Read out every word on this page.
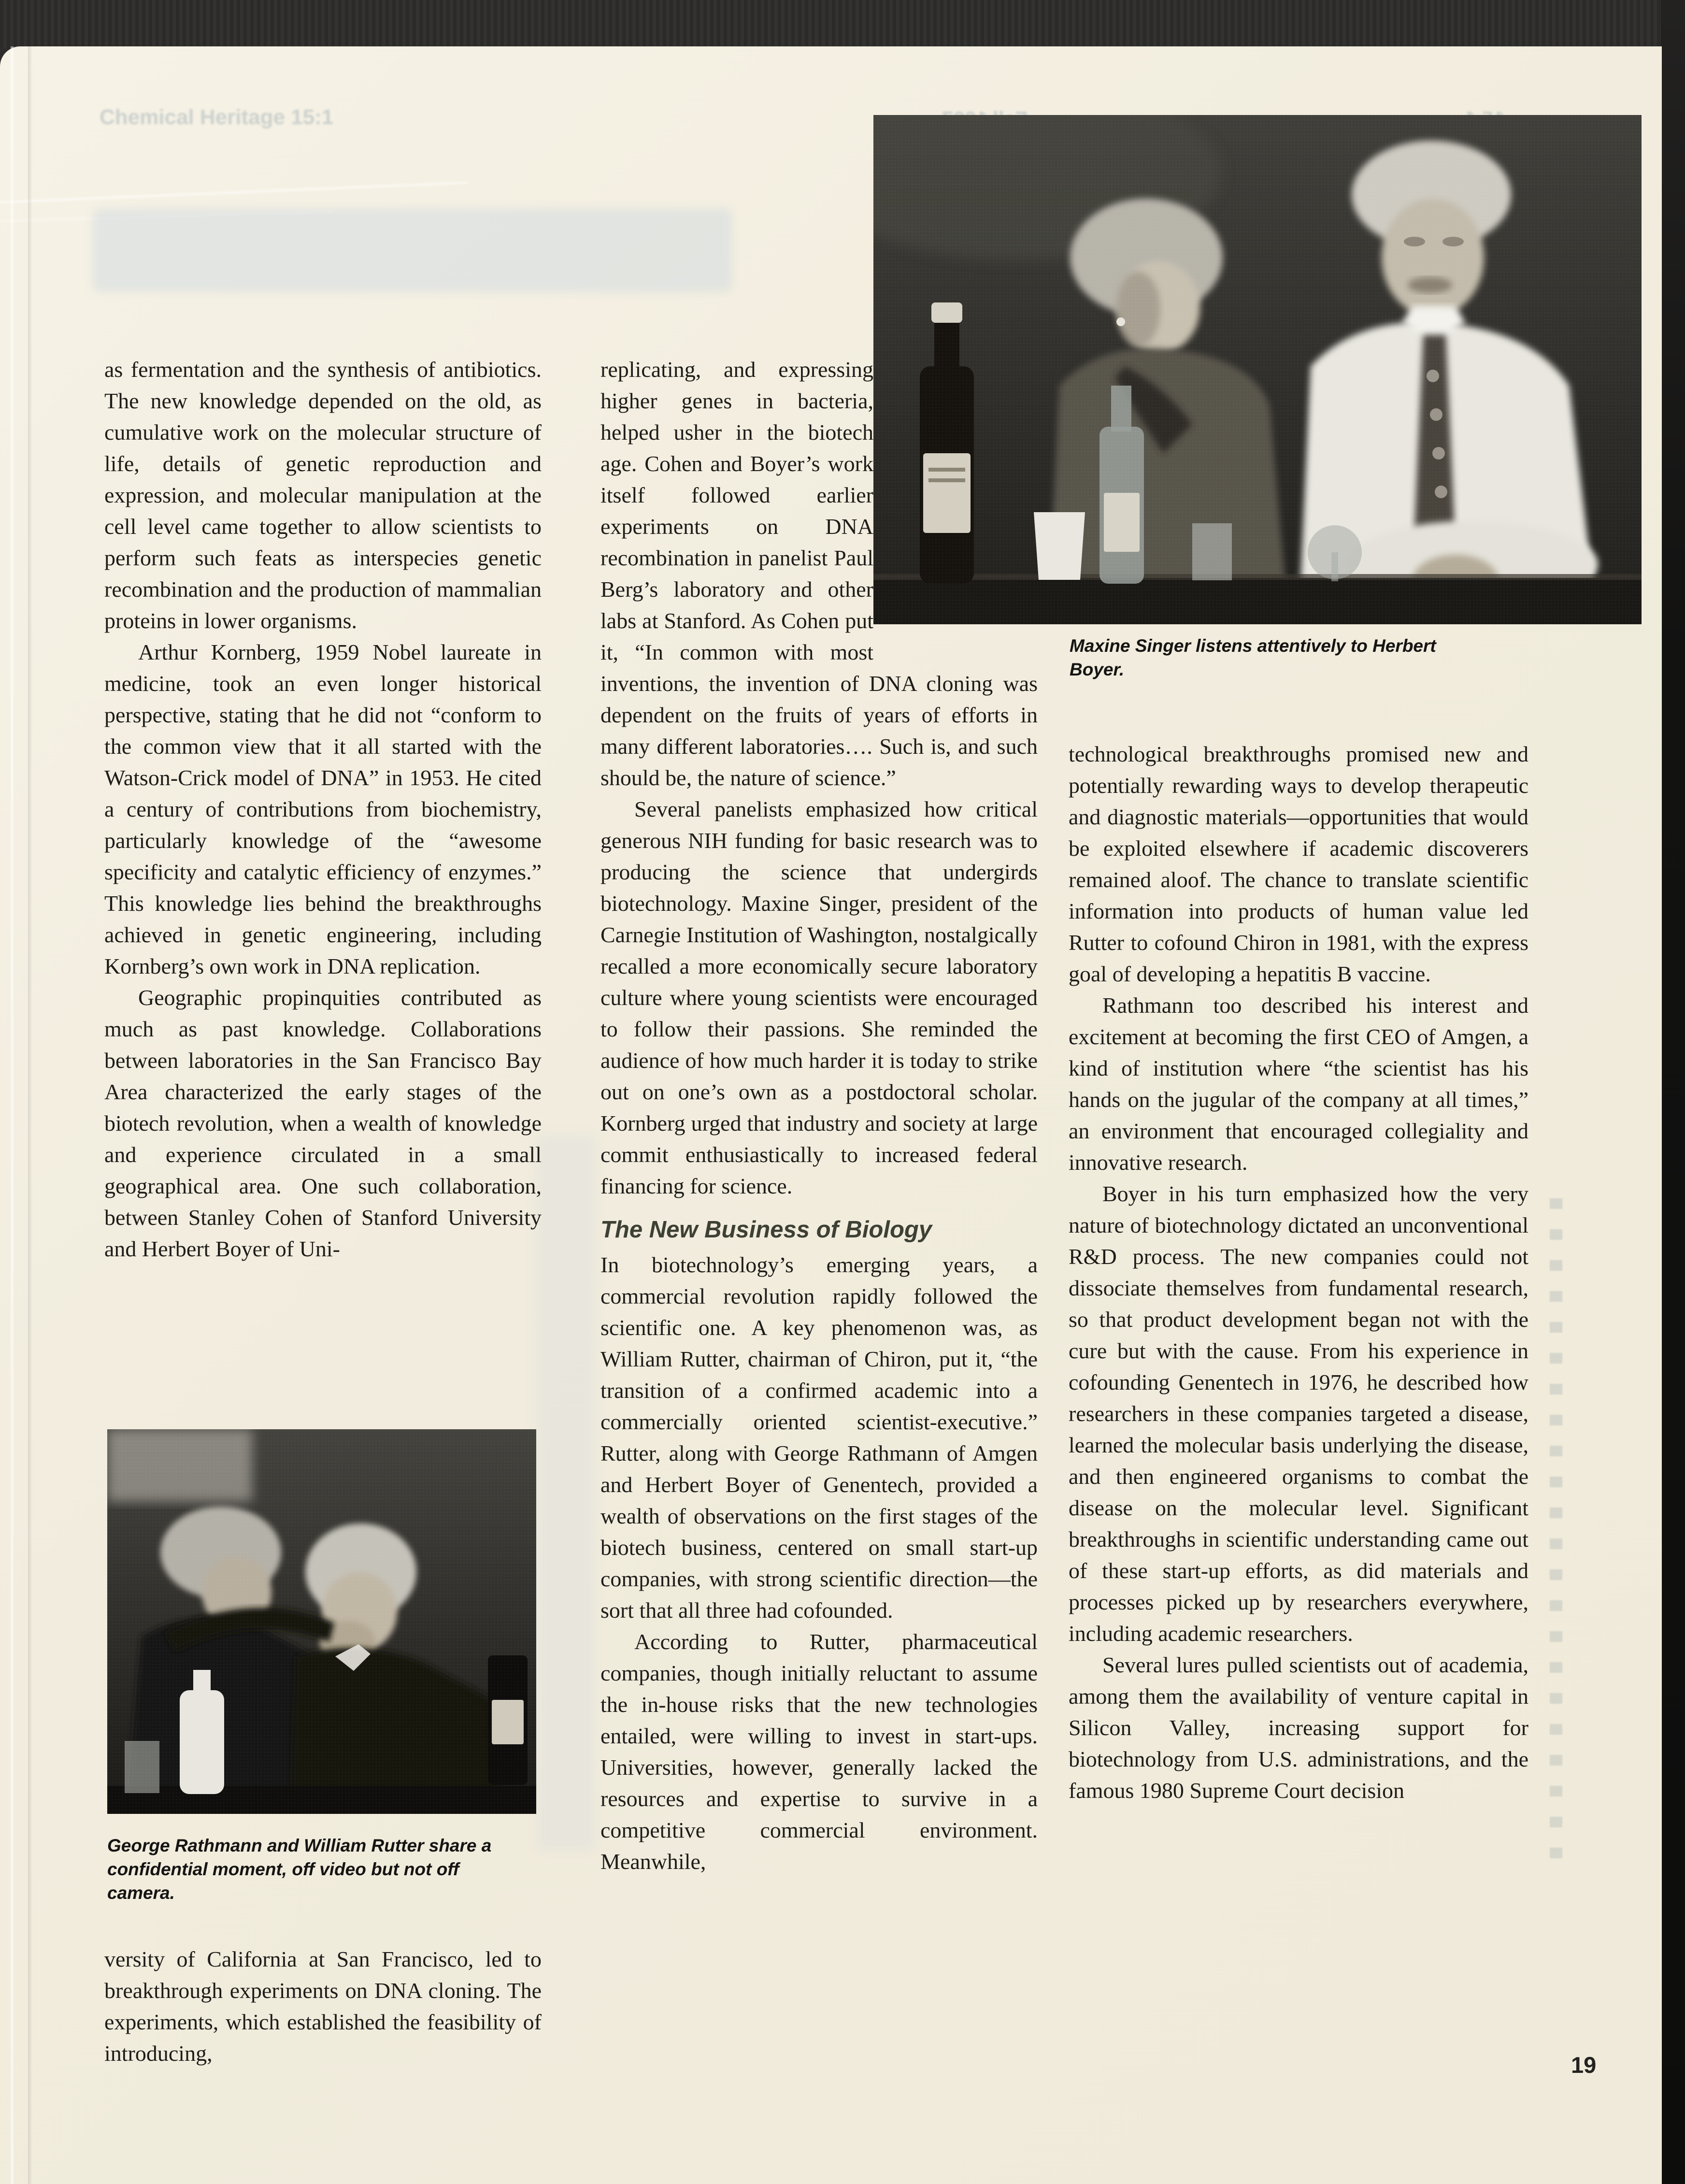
Chemical Heritage 15:1
Maxine Singer listens attentively to Herbert Boyer.
George Rathmann and William Rutter share a confidential moment, off video but not off camera.

as fermentation and the synthesis of antibiotics. The new knowledge depended on the old, as cumulative work on the molecular structure of life, details of genetic reproduction and expression, and molecular manipulation at the cell level came together to allow scientists to perform such feats as interspecies genetic recombination and the production of mammalian proteins in lower organisms.

Arthur Kornberg, 1959 Nobel laureate in medicine, took an even longer historical perspective, stating that he did not “conform to the common view that it all started with the Watson-Crick model of DNA” in 1953. He cited a century of contributions from biochemistry, particularly knowledge of the “awesome specificity and catalytic efficiency of enzymes.” This knowledge lies behind the breakthroughs achieved in genetic engineering, including Kornberg’s own work in DNA replication.

Geographic propinquities contributed as much as past knowledge. Collaborations between laboratories in the San Francisco Bay Area characterized the early stages of the biotech revolution, when a wealth of knowledge and experience circulated in a small geographical area. One such collaboration, between Stanley Cohen of Stanford University and Herbert Boyer of Uni-

versity of California at San Francisco, led to breakthrough experiments on DNA cloning. The experiments, which established the feasibility of introducing,

replicating, and expressing higher genes in bacteria, helped usher in the biotech age. Cohen and Boyer’s work itself followed earlier experiments on DNA recombination in panelist Paul Berg’s laboratory and other labs at Stanford. As Cohen put it, “In common with most inventions, the invention of DNA cloning was dependent on the fruits of years of efforts in many different laboratories…. Such is, and such should be, the nature of science.”

Several panelists emphasized how critical generous NIH funding for basic research was to producing the science that undergirds biotechnology. Maxine Singer, president of the Carnegie Institution of Washington, nostalgically recalled a more economically secure laboratory culture where young scientists were encouraged to follow their passions. She reminded the audience of how much harder it is today to strike out on one’s own as a postdoctoral scholar. Kornberg urged that industry and society at large commit enthusiastically to increased federal financing for science.

The New Business of Biology

In biotechnology’s emerging years, a commercial revolution rapidly followed the scientific one. A key phenomenon was, as William Rutter, chairman of Chiron, put it, “the transition of a confirmed academic into a commercially oriented scientist-executive.” Rutter, along with George Rathmann of Amgen and Herbert Boyer of Genentech, provided a wealth of observations on the first stages of the biotech business, centered on small start-up companies, with strong scientific direction—the sort that all three had cofounded.

According to Rutter, pharmaceutical companies, though initially reluctant to assume the in-house risks that the new technologies entailed, were willing to invest in start-ups. Universities, however, generally lacked the resources and expertise to survive in a competitive commercial environment. Meanwhile,

technological breakthroughs promised new and potentially rewarding ways to develop therapeutic and diagnostic materials—opportunities that would be exploited elsewhere if academic discoverers remained aloof. The chance to translate scientific information into products of human value led Rutter to cofound Chiron in 1981, with the express goal of developing a hepatitis B vaccine.

Rathmann too described his interest and excitement at becoming the first CEO of Amgen, a kind of institution where “the scientist has his hands on the jugular of the company at all times,” an environment that encouraged collegiality and innovative research.

Boyer in his turn emphasized how the very nature of biotechnology dictated an unconventional R&D process. The new companies could not dissociate themselves from fundamental research, so that product development began not with the cure but with the cause. From his experience in cofounding Genentech in 1976, he described how researchers in these companies targeted a disease, learned the molecular basis underlying the disease, and then engineered organisms to combat the disease on the molecular level. Significant breakthroughs in scientific understanding came out of these start-up efforts, as did materials and processes picked up by researchers everywhere, including academic researchers.

Several lures pulled scientists out of academia, among them the availability of venture capital in Silicon Valley, increasing support for biotechnology from U.S. administrations, and the famous 1980 Supreme Court decision

19
